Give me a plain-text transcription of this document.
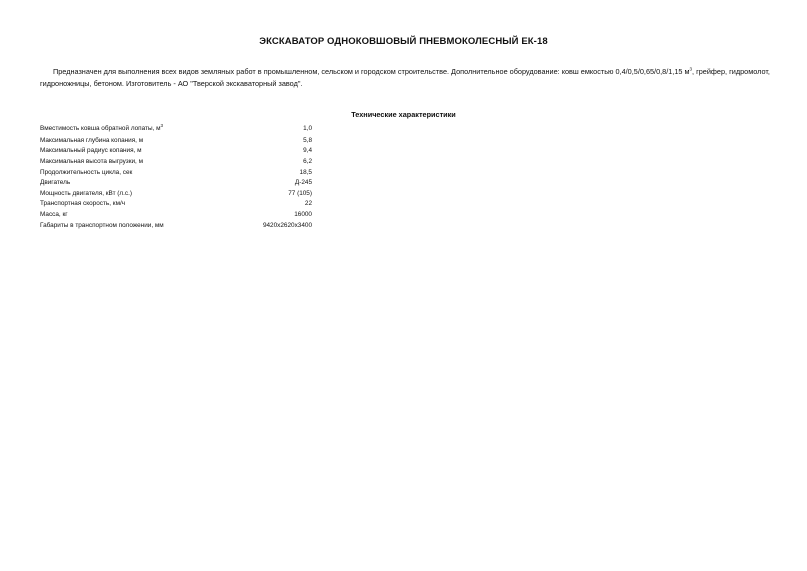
ЭКСКАВАТОР ОДНОКОВШОВЫЙ ПНЕВМОКОЛЕСНЫЙ ЕК-18
Предназначен для выполнения всех видов земляных работ в промышленном, сельском и городском строительстве. Дополнительное оборудование: ковш емкостью 0,4/0,5/0,65/0,8/1,15 $м^3$, грейфер, гидромолот, гидроножницы, бетоном. Изготовитель - АО "Тверской экскаваторный завод".
Технические характеристики
Вместимость ковша обратной лопаты, $м^3$	1,0
Максимальная глубина копания, м	5,8
Максимальный радиус копания, м	9,4
Максимальная высота выгрузки, м	6,2
Продолжительность цикла, сек	18,5
Двигатель	Д-245
Мощность двигателя, кВт (л.с.)	77 (105)
Транспортная скорость, км/ч	22
Масса, кг	16000
Габариты в транспортном положении, мм	9420x2620x3400
